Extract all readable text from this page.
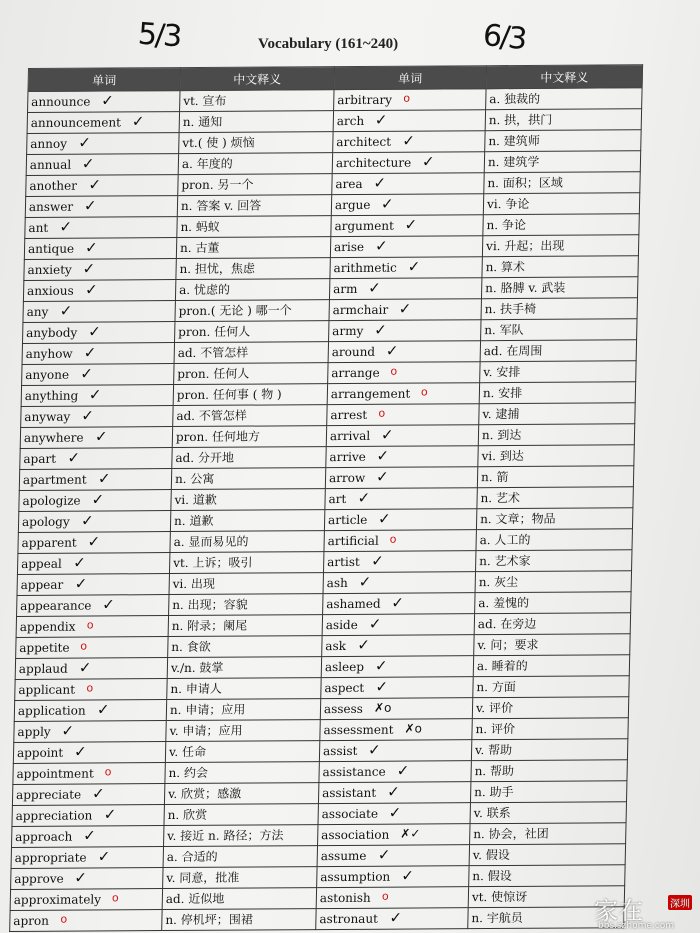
5/3	Vocabulary (161~240)	6/3
单词	中文释义	单词	中文释义
announce ✓	vt. 宣布	arbitrary o	a. 独裁的
announcement ✓	n. 通知	arch ✓	n. 拱，拱门
annoy ✓	vt.( 使 ) 烦恼	architect ✓	n. 建筑师
annual ✓	a. 年度的	architecture ✓	n. 建筑学
another ✓	pron. 另一个	area ✓	n. 面积；区域
answer ✓	n. 答案 v. 回答	argue ✓	vi. 争论
ant ✓	n. 蚂蚁	argument ✓	n. 争论
antique ✓	n. 古董	arise ✓	vi. 升起；出现
anxiety ✓	n. 担忧，焦虑	arithmetic ✓	n. 算术
anxious ✓	a. 忧虑的	arm ✓	n. 胳膊 v. 武装
any ✓	pron.( 无论 ) 哪一个	armchair ✓	n. 扶手椅
anybody ✓	pron. 任何人	army ✓	n. 军队
anyhow ✓	ad. 不管怎样	around ✓	ad. 在周围
anyone ✓	pron. 任何人	arrange o	v. 安排
anything ✓	pron. 任何事 ( 物 )	arrangement o	n. 安排
anyway ✓	ad. 不管怎样	arrest o	v. 逮捕
anywhere ✓	pron. 任何地方	arrival ✓	n. 到达
apart ✓	ad. 分开地	arrive ✓	vi. 到达
apartment ✓	n. 公寓	arrow ✓	n. 箭
apologize ✓	vi. 道歉	art ✓	n. 艺术
apology ✓	n. 道歉	article ✓	n. 文章；物品
apparent ✓	a. 显而易见的	artificial o	a. 人工的
appeal ✓	vt. 上诉；吸引	artist ✓	n. 艺术家
appear ✓	vi. 出现	ash ✓	n. 灰尘
appearance ✓	n. 出现；容貌	ashamed ✓	a. 羞愧的
appendix o	n. 附录；阑尾	aside ✓	ad. 在旁边
appetite o	n. 食欲	ask ✓	v. 问；要求
applaud ✓	v./n. 鼓掌	asleep ✓	a. 睡着的
applicant o	n. 申请人	aspect ✓	n. 方面
application ✓	n. 申请；应用	assess ✗o	v. 评价
apply ✓	v. 申请；应用	assessment ✗o	n. 评价
appoint ✓	v. 任命	assist ✓	v. 帮助
appointment o	n. 约会	assistance ✓	n. 帮助
appreciate ✓	v. 欣赏；感激	assistant ✓	n. 助手
appreciation ✓	n. 欣赏	associate ✓	v. 联系
approach ✓	v. 接近 n. 路径；方法	association ✗✓	n. 协会，社团
appropriate ✓	a. 合适的	assume ✓	v. 假设
approve ✓	v. 同意，批准	assumption ✓	n. 假设
approximately o	ad. 近似地	astonish o	vt. 使惊讶
apron o	n. 停机坪；围裙	astronaut ✓	n. 宇航员	家在	深圳
bbs.szhome.com
